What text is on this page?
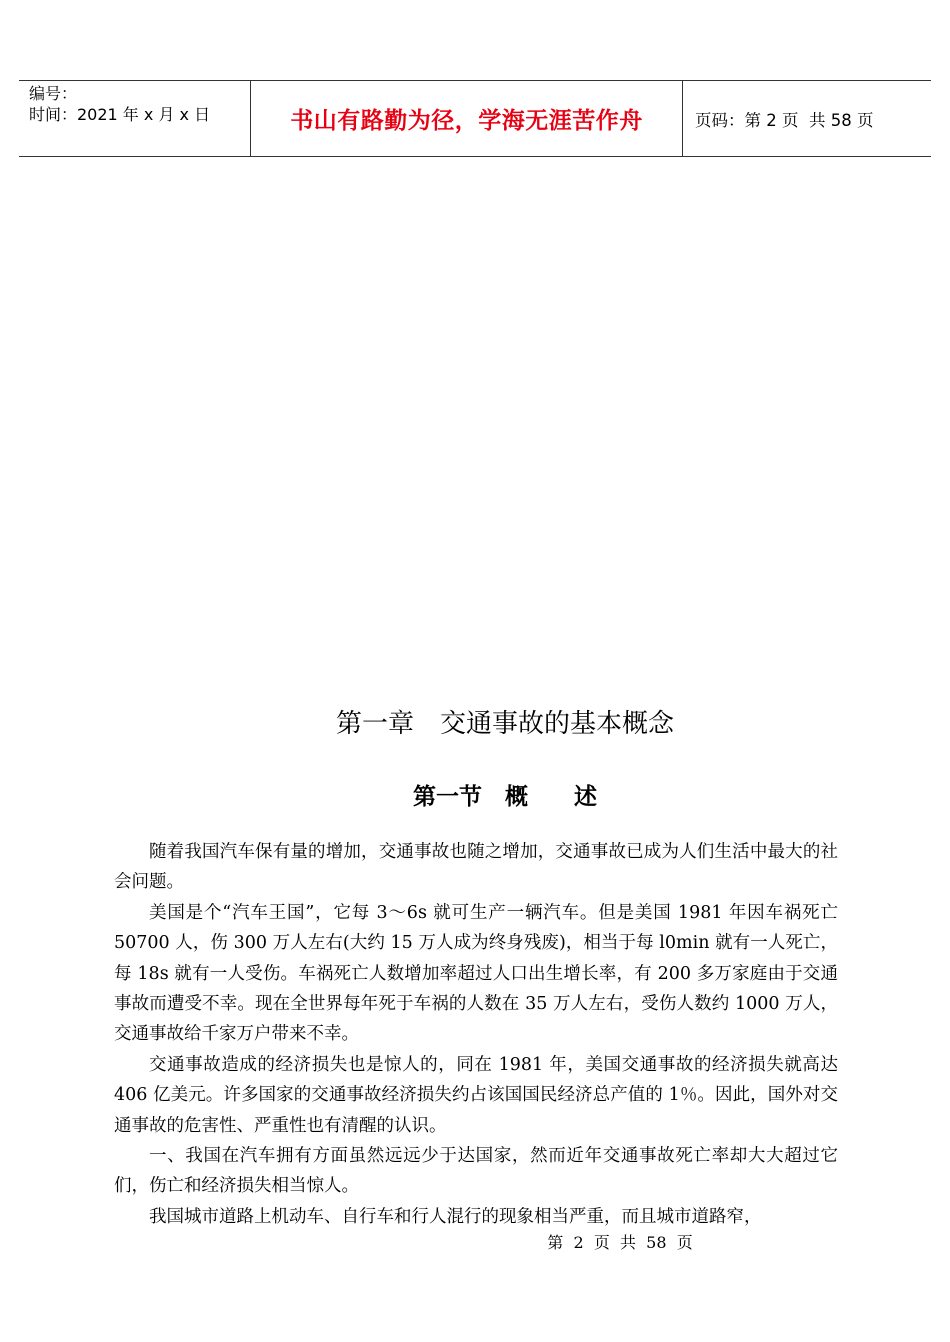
编号：
时间：2021 年 x 月 x 日	书山有路勤为径，学海无涯苦作舟	页码：第 2 页  共 58 页
第一章　交通事故的基本概念
第一节　概　　述

随着我国汽车保有量的增加，交通事故也随之增加，交通事故已成为人们生活中最大的社会问题。

美国是个“汽车王国”，它每 3～6s 就可生产一辆汽车。但是美国 1981 年因车祸死亡 50700 人，伤 300 万人左右(大约 15 万人成为终身残废)，相当于每 l0min 就有一人死亡，每 18s 就有一人受伤。车祸死亡人数增加率超过人口出生增长率，有 200 多万家庭由于交通事故而遭受不幸。现在全世界每年死于车祸的人数在 35 万人左右，受伤人数约 1000 万人，交通事故给千家万户带来不幸。

交通事故造成的经济损失也是惊人的，同在 1981 年，美国交通事故的经济损失就高达 406 亿美元。许多国家的交通事故经济损失约占该国国民经济总产值的 1％。因此，国外对交通事故的危害性、严重性也有清醒的认识。

一、我国在汽车拥有方面虽然远远少于达国家，然而近年交通事故死亡率却大大超过它们，伤亡和经济损失相当惊人。

我国城市道路上机动车、自行车和行人混行的现象相当严重，而且城市道路窄，

第  2  页  共  58  页
